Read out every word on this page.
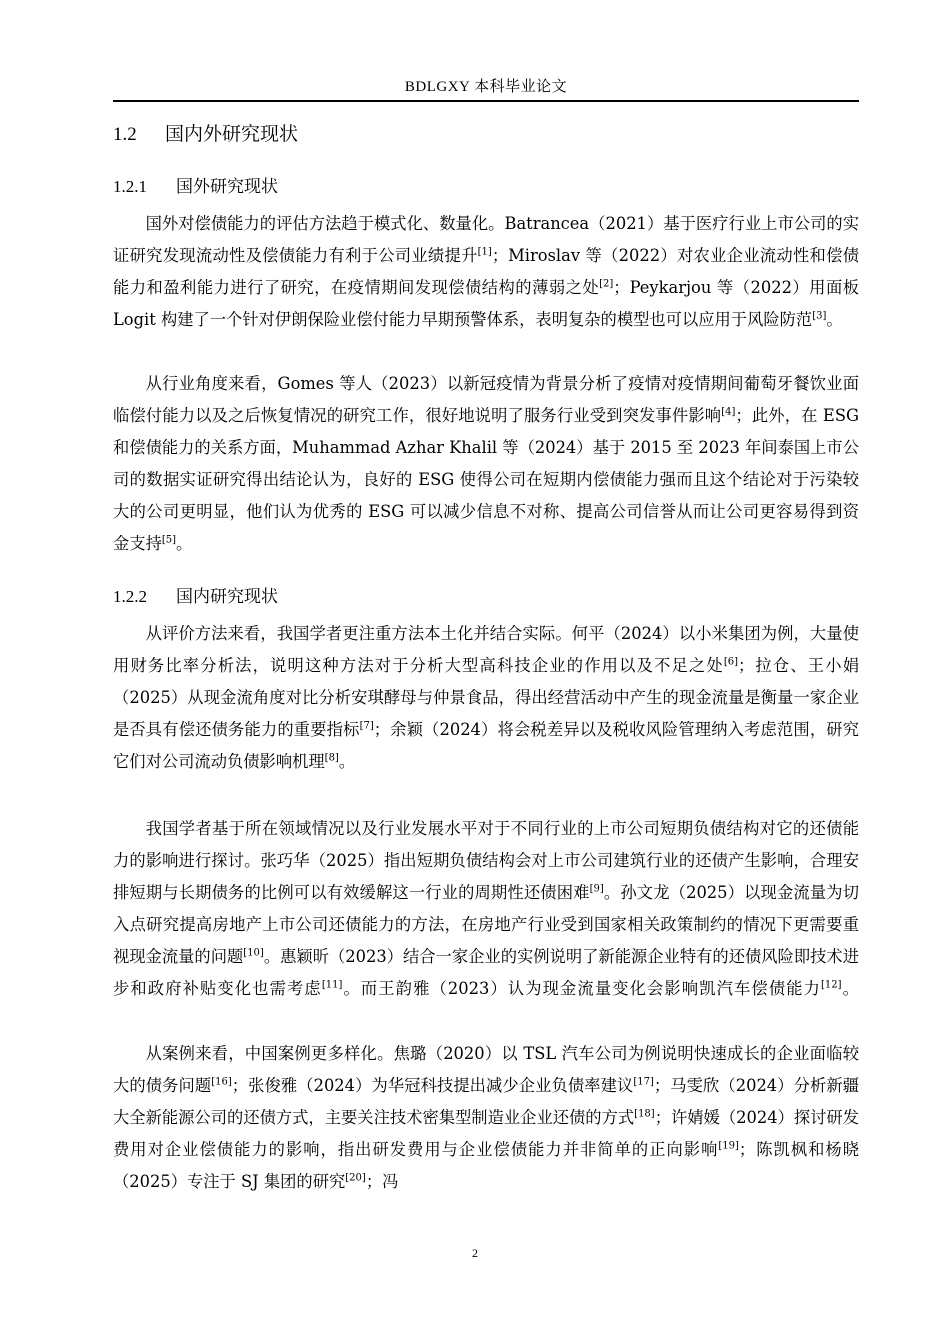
BDLGXY 本科毕业论文
1.2 国内外研究现状
1.2.1 国外研究现状

国外对偿债能力的评估方法趋于模式化、数量化。Batrancea（2021）基于医疗行业上市公司的实证研究发现流动性及偿债能力有利于公司业绩提升[1]；Miroslav 等（2022）对农业企业流动性和偿债能力和盈利能力进行了研究，在疫情期间发现偿债结构的薄弱之处[2]；Peykarjou 等（2022）用面板 Logit 构建了一个针对伊朗保险业偿付能力早期预警体系，表明复杂的模型也可以应用于风险防范[3]。

从行业角度来看，Gomes 等人（2023）以新冠疫情为背景分析了疫情对疫情期间葡萄牙餐饮业面临偿付能力以及之后恢复情况的研究工作，很好地说明了服务行业受到突发事件影响[4]；此外，在 ESG 和偿债能力的关系方面，Muhammad Azhar Khalil 等（2024）基于 2015 至 2023 年间泰国上市公司的数据实证研究得出结论认为，良好的 ESG 使得公司在短期内偿债能力强而且这个结论对于污染较大的公司更明显，他们认为优秀的 ESG 可以减少信息不对称、提高公司信誉从而让公司更容易得到资金支持[5]。

1.2.2 国内研究现状

从评价方法来看，我国学者更注重方法本土化并结合实际。何平（2024）以小米集团为例，大量使用财务比率分析法，说明这种方法对于分析大型高科技企业的作用以及不足之处[6]；拉仓、王小娟（2025）从现金流角度对比分析安琪酵母与仲景食品，得出经营活动中产生的现金流量是衡量一家企业是否具有偿还债务能力的重要指标[7]；余颖（2024）将会税差异以及税收风险管理纳入考虑范围，研究它们对公司流动负债影响机理[8]。

我国学者基于所在领域情况以及行业发展水平对于不同行业的上市公司短期负债结构对它的还债能力的影响进行探讨。张巧华（2025）指出短期负债结构会对上市公司建筑行业的还债产生影响，合理安排短期与长期债务的比例可以有效缓解这一行业的周期性还债困难[9]。孙文龙（2025）以现金流量为切入点研究提高房地产上市公司还债能力的方法，在房地产行业受到国家相关政策制约的情况下更需要重视现金流量的问题[10]。惠颖昕（2023）结合一家企业的实例说明了新能源企业特有的还债风险即技术进步和政府补贴变化也需考虑[11]。而王韵雅（2023）认为现金流量变化会影响凯汽车偿债能力[12]。

从案例来看，中国案例更多样化。焦璐（2020）以 TSL 汽车公司为例说明快速成长的企业面临较大的债务问题[16]；张俊雅（2024）为华冠科技提出减少企业负债率建议[17]；马雯欣（2024）分析新疆大全新能源公司的还债方式，主要关注技术密集型制造业企业还债的方式[18]；许婧媛（2024）探讨研发费用对企业偿债能力的影响，指出研发费用与企业偿债能力并非简单的正向影响[19]；陈凯枫和杨晓（2025）专注于 SJ 集团的研究[20]；冯

2
